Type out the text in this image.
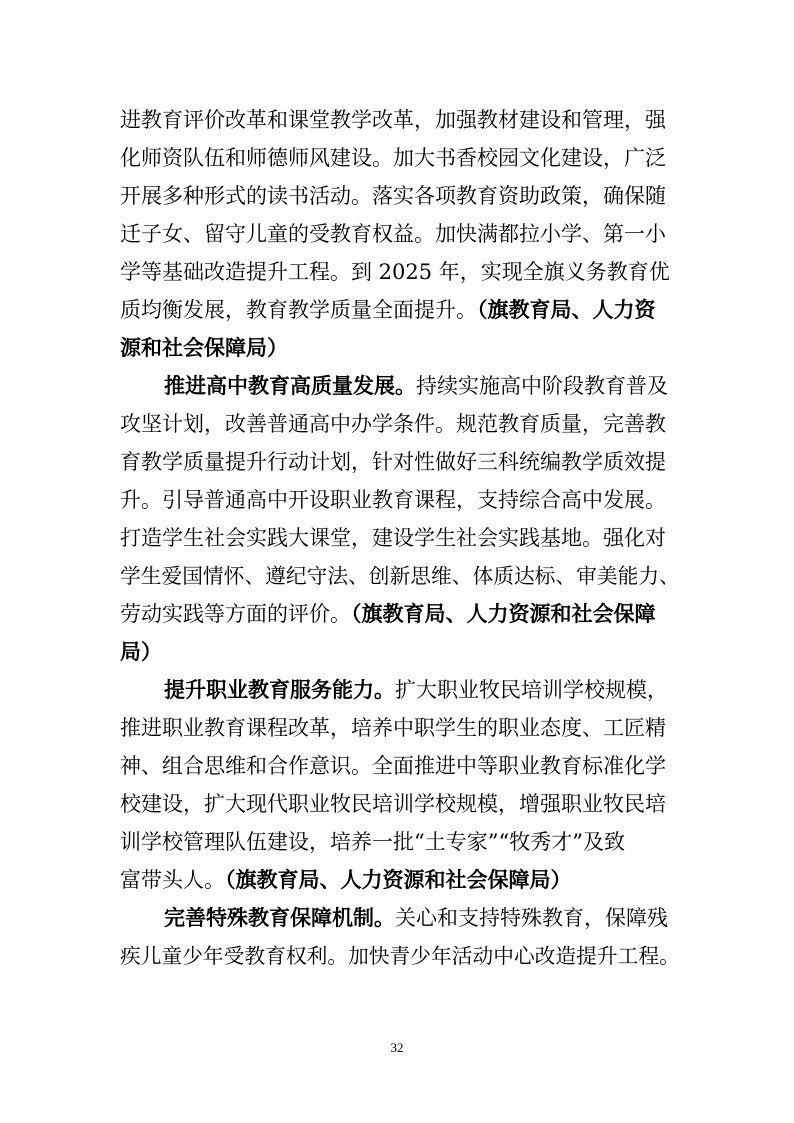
进教育评价改革和课堂教学改革，加强教材建设和管理，强
化师资队伍和师德师风建设。加大书香校园文化建设，广泛
开展多种形式的读书活动。落实各项教育资助政策，确保随
迁子女、留守儿童的受教育权益。加快满都拉小学、第一小
学等基础改造提升工程。到 2025 年，实现全旗义务教育优
质均衡发展，教育教学质量全面提升。（旗教育局、人力资
源和社会保障局）
推进高中教育高质量发展。持续实施高中阶段教育普及
攻坚计划，改善普通高中办学条件。规范教育质量，完善教
育教学质量提升行动计划，针对性做好三科统编教学质效提
升。引导普通高中开设职业教育课程，支持综合高中发展。
打造学生社会实践大课堂，建设学生社会实践基地。强化对
学生爱国情怀、遵纪守法、创新思维、体质达标、审美能力、
劳动实践等方面的评价。（旗教育局、人力资源和社会保障
局）
提升职业教育服务能力。扩大职业牧民培训学校规模，
推进职业教育课程改革，培养中职学生的职业态度、工匠精
神、组合思维和合作意识。全面推进中等职业教育标准化学
校建设，扩大现代职业牧民培训学校规模，增强职业牧民培
训学校管理队伍建设，培养一批“土专家”“牧秀才”及致
富带头人。（旗教育局、人力资源和社会保障局）
完善特殊教育保障机制。关心和支持特殊教育，保障残
疾儿童少年受教育权利。加快青少年活动中心改造提升工程。
32
